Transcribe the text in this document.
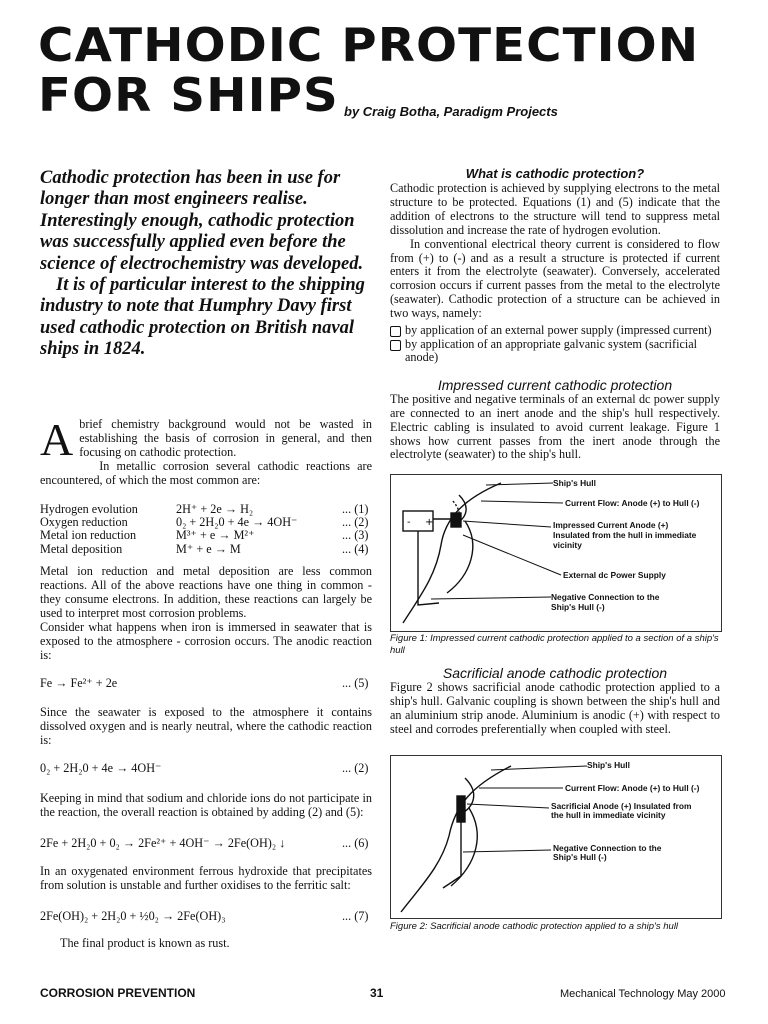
CATHODIC PROTECTION
FOR SHIPS by Craig Botha, Paradigm Projects

Cathodic protection has been in use for longer than most engineers realise. Interestingly enough, cathodic protection was successfully applied even before the science of electrochemistry was developed.

It is of particular interest to the shipping industry to note that Humphry Davy first used cathodic protection on British naval ships in 1824.

A brief chemistry background would not be wasted in establishing the basis of corrosion in general, and then focusing on cathodic protection.

In metallic corrosion several cathodic reactions are encountered, of which the most common are:

Hydrogen evolution	2H⁺ + 2e → H₂	... (1)
Oxygen reduction	0₂ + 2H₂0 + 4e → 4OH⁻	... (2)
Metal ion reduction	M³⁺ + e → M²⁺	... (3)
Metal deposition	M⁺ + e → M	... (4)

Metal ion reduction and metal deposition are less common reactions. All of the above reactions have one thing in common - they consume electrons. In addition, these reactions can largely be used to interpret most corrosion problems.

Consider what happens when iron is immersed in seawater that is exposed to the atmosphere - corrosion occurs. The anodic reaction is:

Fe → Fe²⁺ + 2e	... (5)

Since the seawater is exposed to the atmosphere it contains dissolved oxygen and is nearly neutral, where the cathodic reaction is:

0₂ + 2H₂0 + 4e → 4OH⁻	... (2)

Keeping in mind that sodium and chloride ions do not participate in the reaction, the overall reaction is obtained by adding (2) and (5):

2Fe + 2H₂0 + 0₂ → 2Fe²⁺ + 4OH⁻ → 2Fe(OH)₂ ↓	... (6)

In an oxygenated environment ferrous hydroxide that precipitates from solution is unstable and further oxidises to the ferritic salt:

2Fe(OH)₂ + 2H₂0 + ½0₂ → 2Fe(OH)₃	... (7)

The final product is known as rust.

What is cathodic protection?

Cathodic protection is achieved by supplying electrons to the metal structure to be protected. Equations (1) and (5) indicate that the addition of electrons to the structure will tend to suppress metal dissolution and increase the rate of hydrogen evolution.

In conventional electrical theory current is considered to flow from (+) to (-) and as a result a structure is protected if current enters it from the electrolyte (seawater). Conversely, accelerated corrosion occurs if current passes from the metal to the electrolyte (seawater). Cathodic protection of a structure can be achieved in two ways, namely:

by application of an external power supply (impressed current)
by application of an appropriate galvanic system (sacrificial anode)
Impressed current cathodic protection

The positive and negative terminals of an external dc power supply are connected to an inert anode and the ship's hull respectively. Electric cabling is insulated to avoid current leakage. Figure 1 shows how current passes from the inert anode through the electrolyte (seawater) to the ship's hull.

- +
Ship's Hull
Current Flow: Anode (+) to Hull (-)
Impressed Current Anode (+) Insulated from the hull in immediate vicinity
External dc Power Supply
Negative Connection to the Ship's Hull (-)
Figure 1: Impressed current cathodic protection applied to a section of a ship's hull
Sacrificial anode cathodic protection

Figure 2 shows sacrificial anode cathodic protection applied to a ship's hull. Galvanic coupling is shown between the ship's hull and an aluminium strip anode. Aluminium is anodic (+) with respect to steel and corrodes preferentially when coupled with steel.

Ship's Hull
Current Flow: Anode (+) to Hull (-)
Sacrificial Anode (+) Insulated from the hull in immediate vicinity
Negative Connection to the Ship's Hull (-)
Figure 2: Sacrificial anode cathodic protection applied to a ship's hull
CORROSION PREVENTION	31	Mechanical Technology May 2000
